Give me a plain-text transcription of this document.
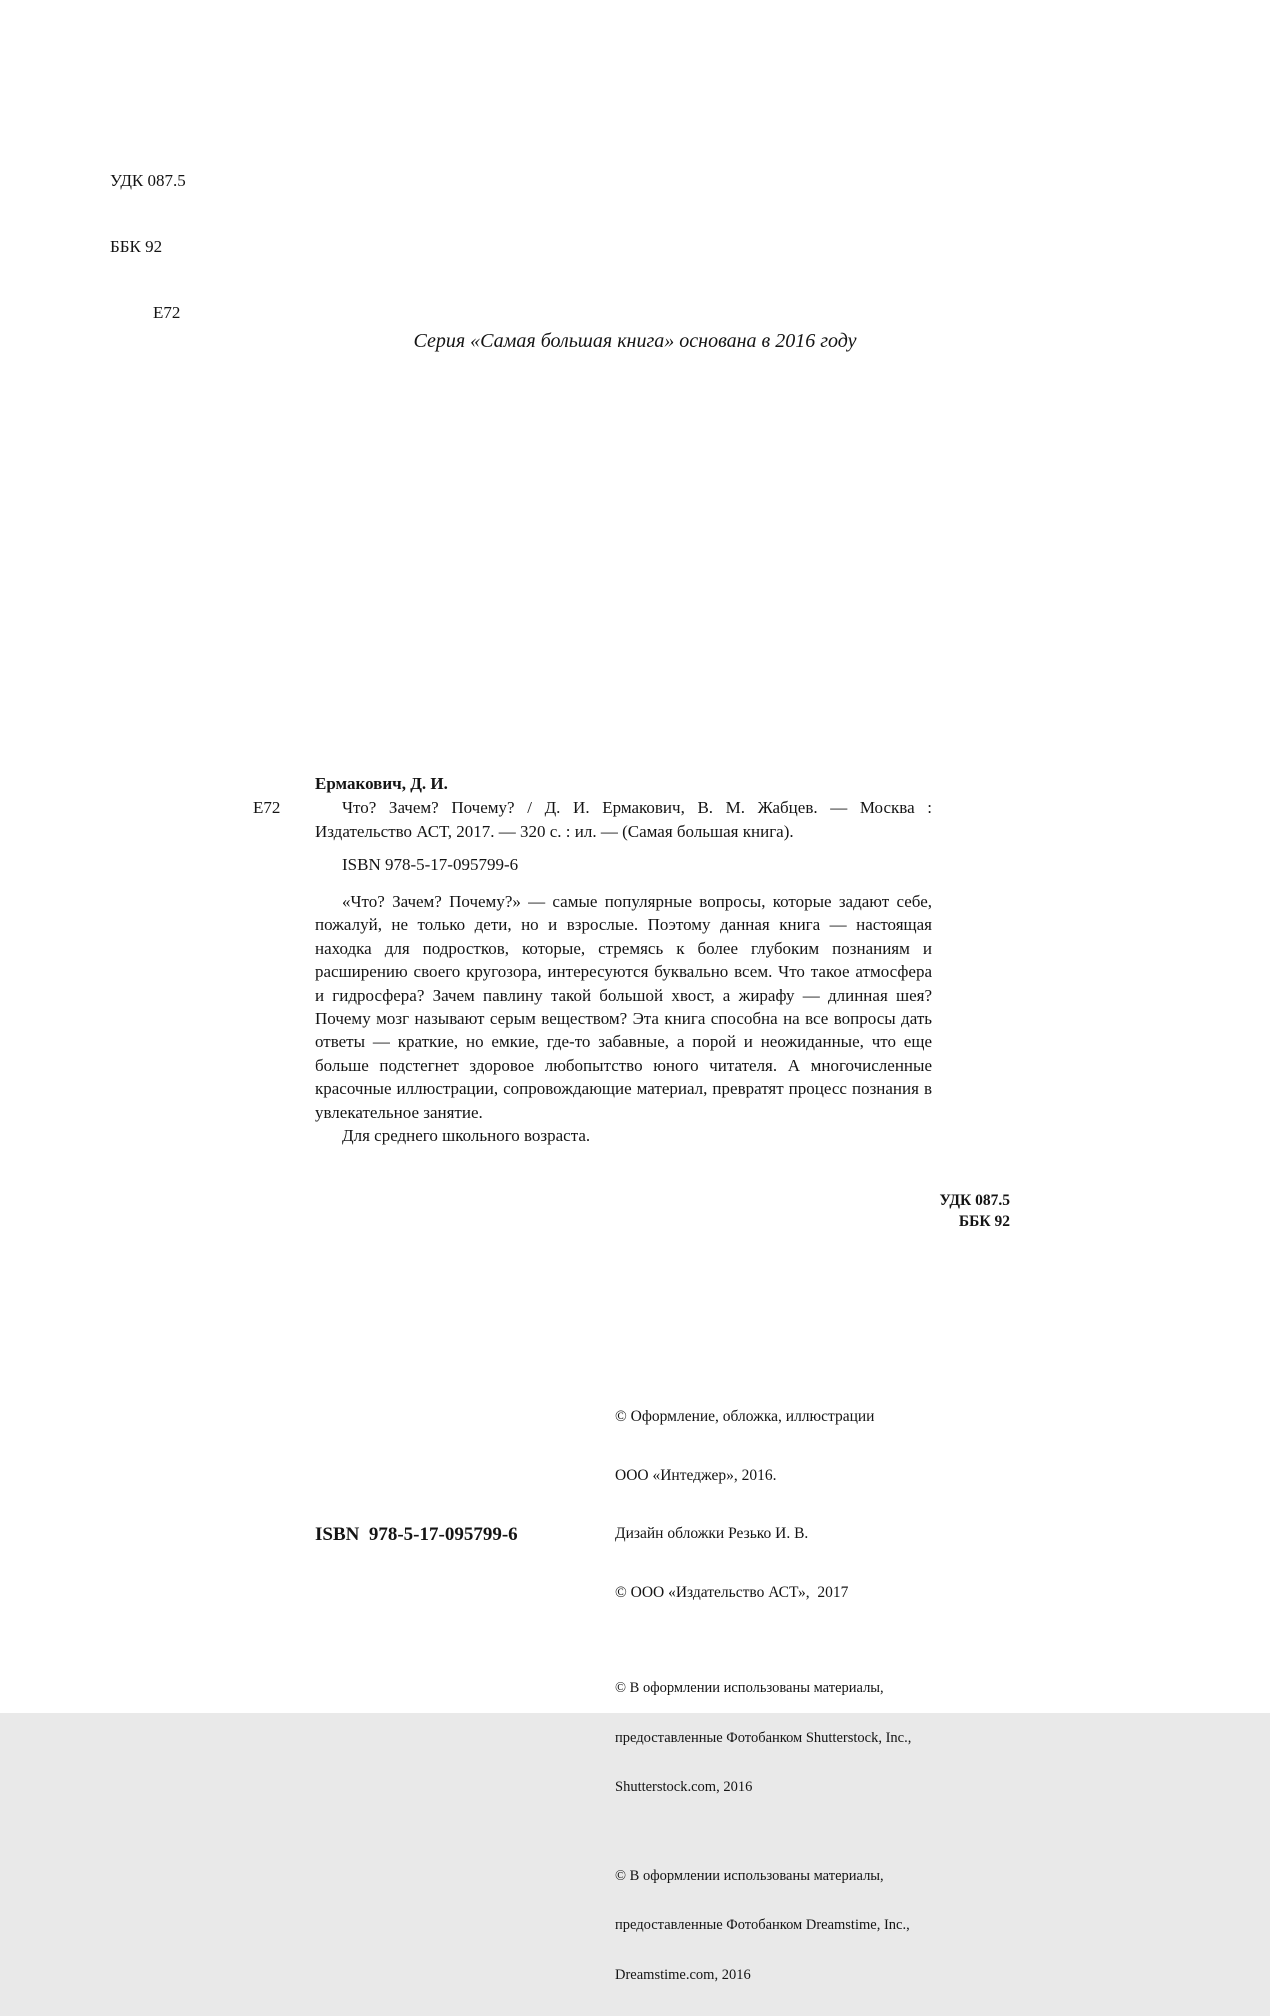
УДК 087.5

ББК 92

Е72

Серия «Самая большая книга» основана в 2016 году

Ермакович, Д. И.

Е72	Что? Зачем? Почему? / Д. И. Ермакович, В. М. Жабцев. — Москва : Издательство АСТ, 2017. — 320 с. : ил. — (Самая большая книга).

ISBN 978-5-17-095799-6

«Что? Зачем? Почему?» — самые популярные вопросы, которые задают себе, пожалуй, не только дети, но и взрослые. Поэтому данная книга — настоящая находка для подростков, которые, стремясь к более глубоким познаниям и расширению своего кругозора, интересуются буквально всем. Что такое атмосфера и гидросфера? Зачем павлину такой большой хвост, а жирафу — длинная шея? Почему мозг называют серым веществом? Эта книга способна на все вопросы дать ответы — краткие, но емкие, где-то забавные, а порой и неожиданные, что еще больше подстегнет здоровое любопытство юного читателя. А многочисленные красочные иллюстрации, сопровождающие материал, превратят процесс познания в увлекательное занятие.

Для среднего школьного возраста.

УДК 087.5
ББК 92

© Оформление, обложка, иллюстрации

ООО «Интеджер», 2016.

Дизайн обложки Резько И. В.

© ООО «Издательство АСТ»,  2017

© В оформлении использованы материалы,

предоставленные Фотобанком Shutterstock, Inc.,

Shutterstock.com, 2016

© В оформлении использованы материалы,

предоставленные Фотобанком Dreamstime, Inc.,

Dreamstime.com, 2016

ISBN  978-5-17-095799-6
